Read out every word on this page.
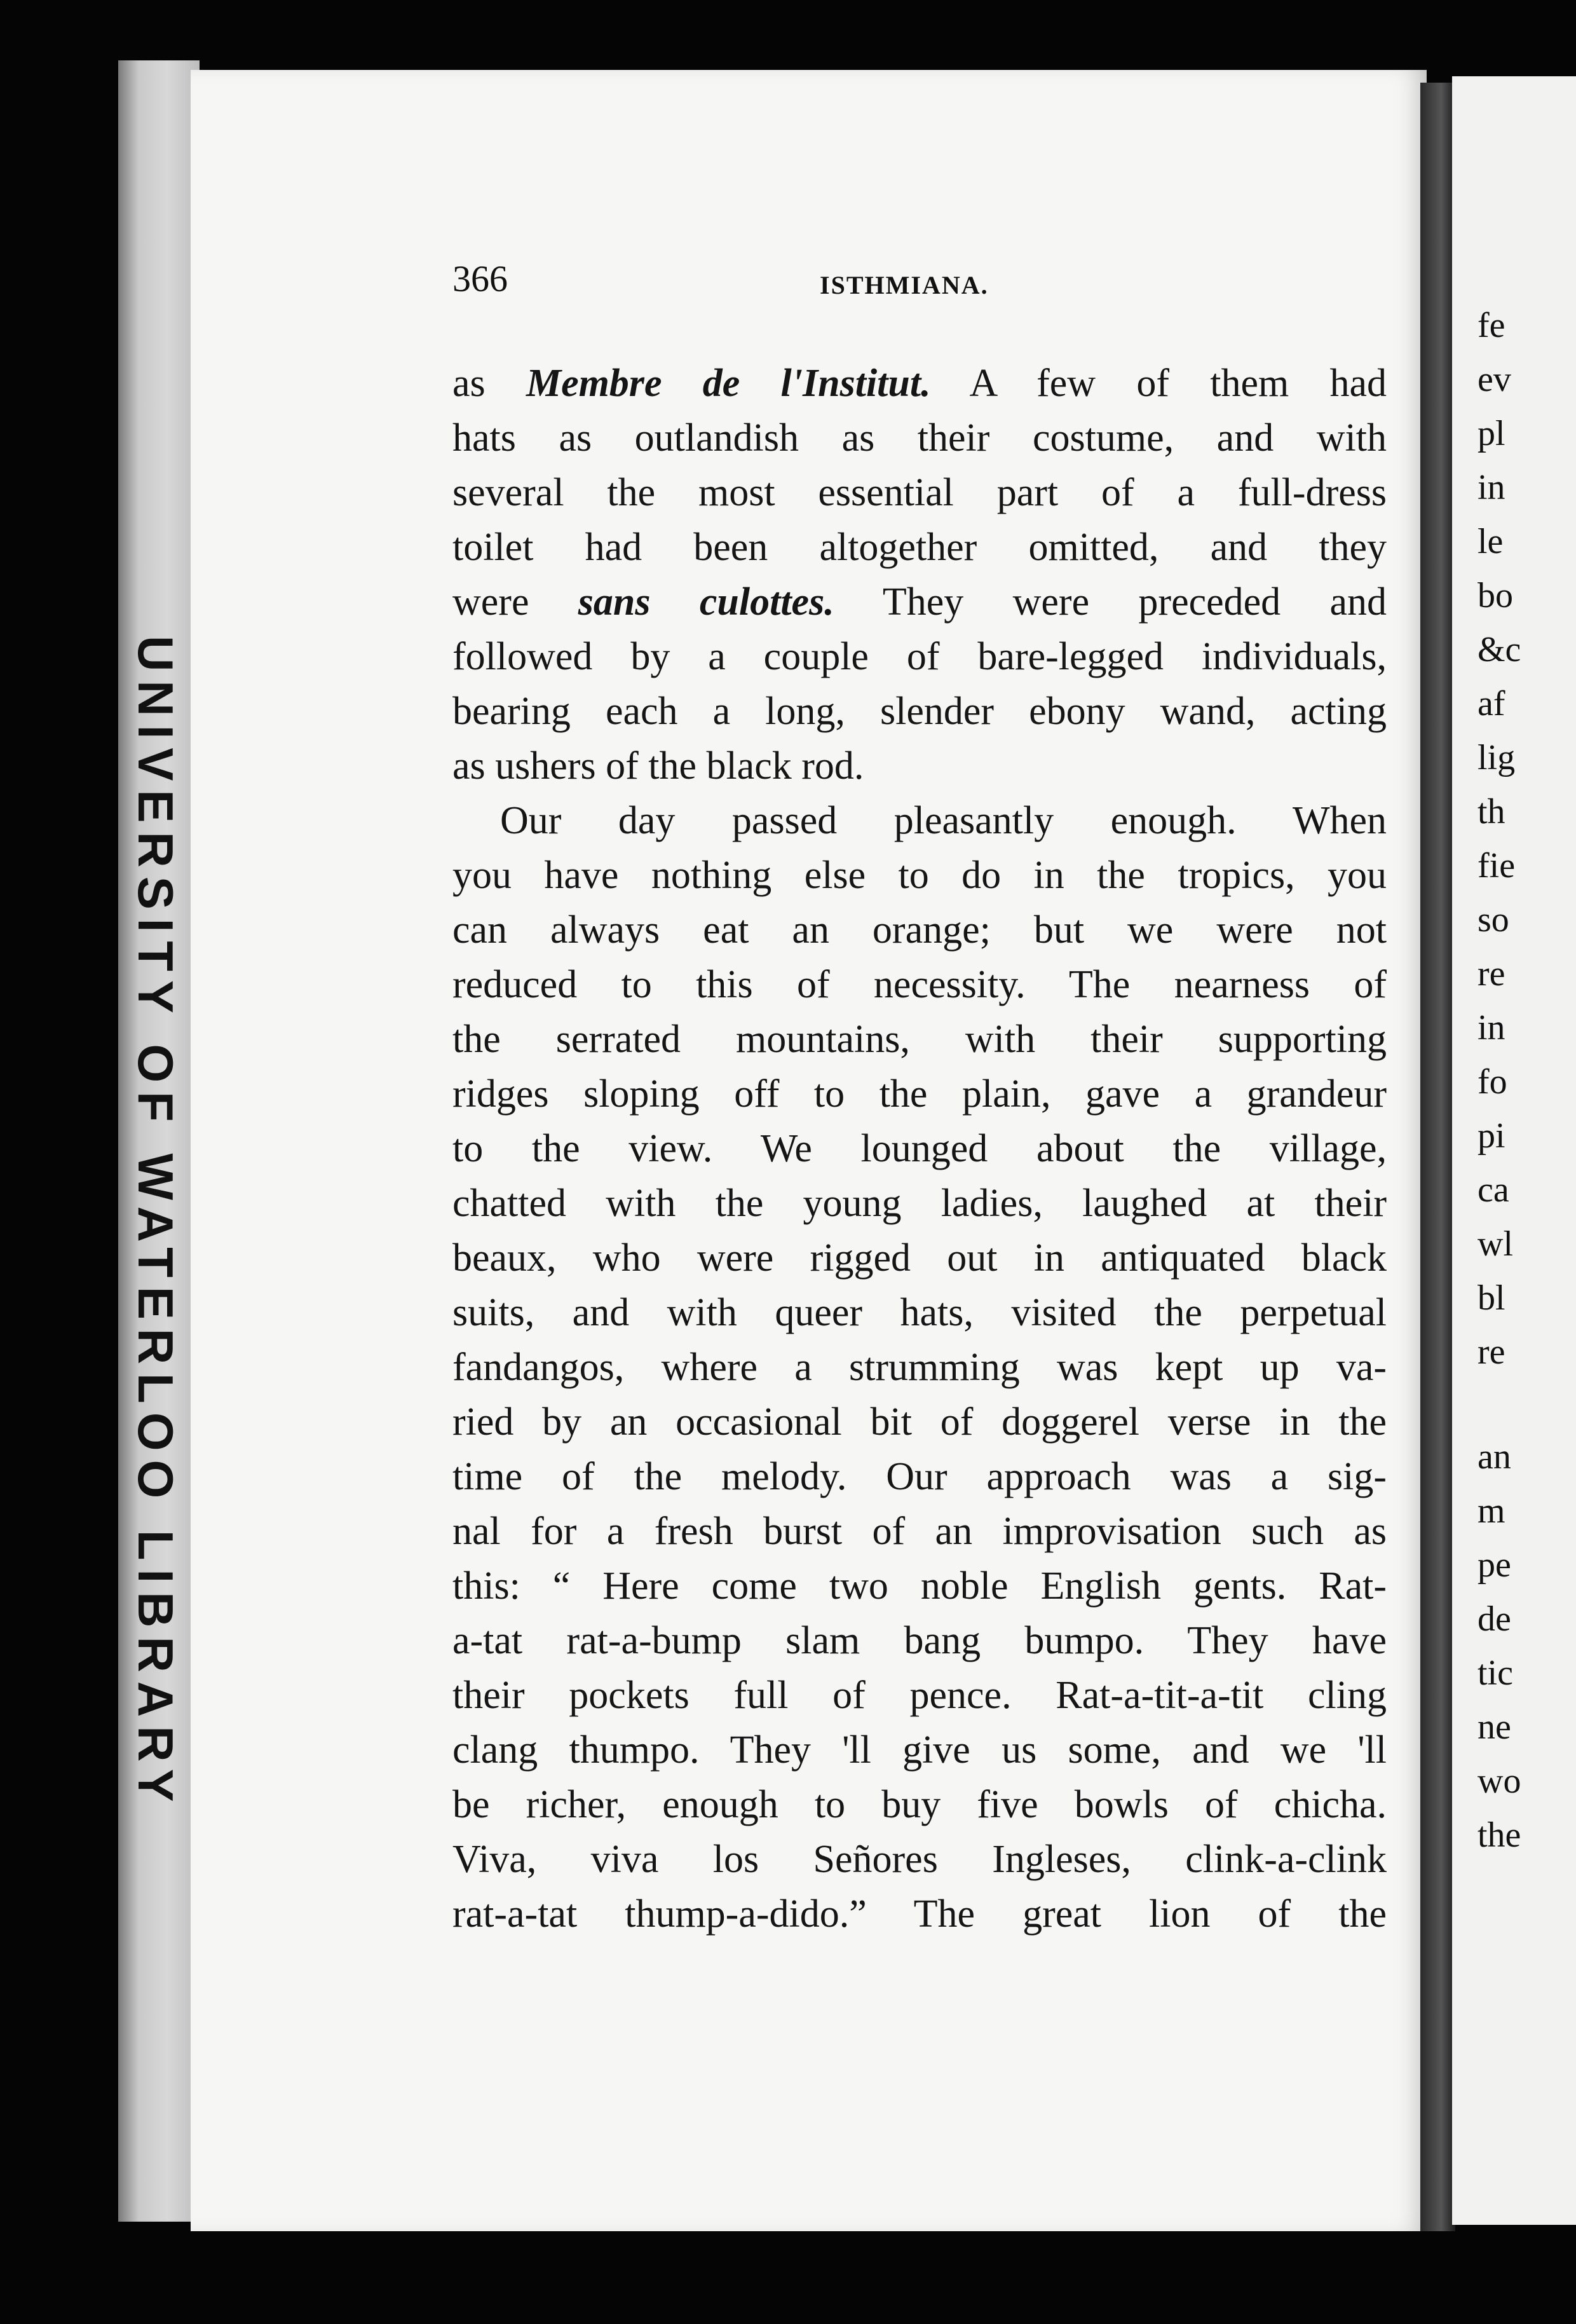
UNIVERSITY OF WATERLOO LIBRARY
fe
ev
pl
in
le
bo
&c
af
lig
th
fie
so
re
in
fo
pi
ca
wl
bl
re
an
m
pe
de
tic
ne
wo
the
366	ISTHMIANA.
as Membre de l'Institut. A few of them had
hats as outlandish as their costume, and with
several the most essential part of a full-dress
toilet had been altogether omitted, and they
were sans culottes. They were preceded and
followed by a couple of bare-legged individuals,
bearing each a long, slender ebony wand, acting
as ushers of the black rod.
Our day passed pleasantly enough. When
you have nothing else to do in the tropics, you
can always eat an orange; but we were not
reduced to this of necessity. The nearness of
the serrated mountains, with their supporting
ridges sloping off to the plain, gave a grandeur
to the view. We lounged about the village,
chatted with the young ladies, laughed at their
beaux, who were rigged out in antiquated black
suits, and with queer hats, visited the perpetual
fandangos, where a strumming was kept up va-
ried by an occasional bit of doggerel verse in the
time of the melody. Our approach was a sig-
nal for a fresh burst of an improvisation such as
this: “ Here come two noble English gents. Rat-
a-tat rat-a-bump slam bang bumpo. They have
their pockets full of pence. Rat-a-tit-a-tit cling
clang thumpo. They 'll give us some, and we 'll
be richer, enough to buy five bowls of chicha.
Viva, viva los Señores Ingleses, clink-a-clink
rat-a-tat thump-a-dido.” The great lion of the
